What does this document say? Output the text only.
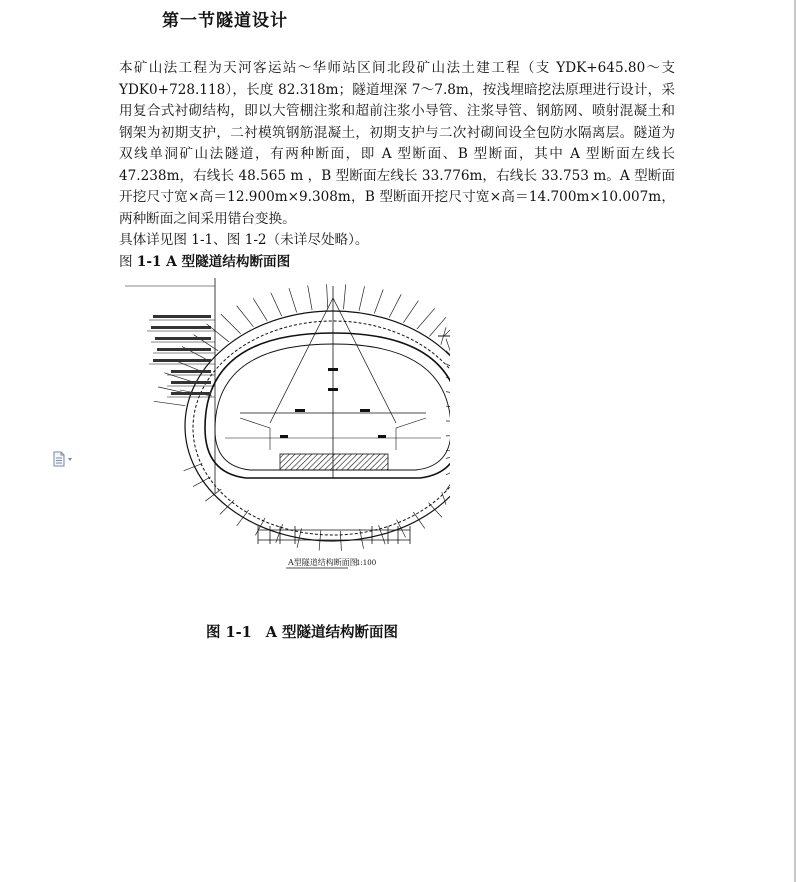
第一节隧道设计

本矿山法工程为天河客运站～华师站区间北段矿山法土建工程（支 YDK+645.80～支YDK0+728.118），长度 82.318m；隧道埋深 7～7.8m，按浅埋暗挖法原理进行设计，采用复合式衬砌结构，即以大管棚注浆和超前注浆小导管、注浆导管、钢筋网、喷射混凝土和钢架为初期支护，二衬模筑钢筋混凝土，初期支护与二次衬砌间设全包防水隔离层。隧道为双线单洞矿山法隧道，有两种断面，即 A 型断面、B 型断面，其中 A 型断面左线长 47.238m，右线长 48.565 m ，B 型断面左线长 33.776m，右线长 33.753 m。A 型断面开挖尺寸宽×高＝12.900m×9.308m，B 型断面开挖尺寸宽×高＝14.700m×10.007m，两种断面之间采用错台变换。

具体详见图 1-1、图 1-2（未详尽处略）。

图 1-1 A 型隧道结构断面图

A型隧道结构断面图
1:100
图 1-1 A 型隧道结构断面图
